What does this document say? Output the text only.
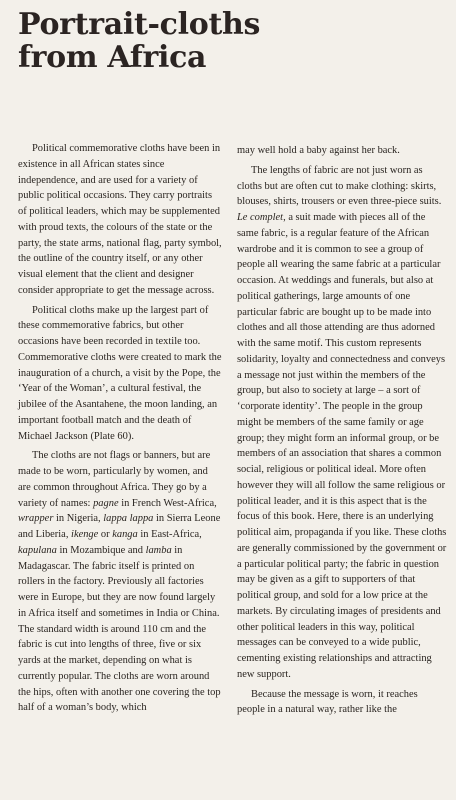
Portrait-cloths
from Africa

Political commemorative cloths have been in existence in all African states since independence, and are used for a variety of public political occasions. They carry portraits of political leaders, which may be supplemented with proud texts, the colours of the state or the party, the state arms, national flag, party symbol, the outline of the country itself, or any other visual element that the client and designer consider appropriate to get the message across.

Political cloths make up the largest part of these commemorative fabrics, but other occasions have been recorded in textile too. Commemorative cloths were created to mark the inauguration of a church, a visit by the Pope, the ‘Year of the Woman’, a cultural festival, the jubilee of the Asantahene, the moon landing, an important football match and the death of Michael Jackson (Plate 60).

The cloths are not flags or banners, but are made to be worn, particularly by women, and are common throughout Africa. They go by a variety of names: pagne in French West-Africa, wrapper in Nigeria, lappa lappa in Sierra Leone and Liberia, ikenge or kanga in East-Africa, kapulana in Mozambique and lamba in Madagascar. The fabric itself is printed on rollers in the factory. Previously all factories were in Europe, but they are now found largely in Africa itself and sometimes in India or China. The standard width is around 110 cm and the fabric is cut into lengths of three, five or six yards at the market, depending on what is currently popular. The cloths are worn around the hips, often with another one covering the top half of a woman’s body, which

may well hold a baby against her back.

The lengths of fabric are not just worn as cloths but are often cut to make clothing: skirts, blouses, shirts, trousers or even three-piece suits. Le complet, a suit made with pieces all of the same fabric, is a regular feature of the African wardrobe and it is common to see a group of people all wearing the same fabric at a particular occasion. At weddings and funerals, but also at political gatherings, large amounts of one particular fabric are bought up to be made into clothes and all those attending are thus adorned with the same motif. This custom represents solidarity, loyalty and connectedness and conveys a message not just within the members of the group, but also to society at large – a sort of ‘corporate identity’. The people in the group might be members of the same family or age group; they might form an informal group, or be members of an association that shares a common social, religious or political ideal. More often however they will all follow the same religious or political leader, and it is this aspect that is the focus of this book. Here, there is an underlying political aim, propaganda if you like. These cloths are generally commissioned by the government or a particular political party; the fabric in question may be given as a gift to supporters of that political group, and sold for a low price at the markets. By circulating images of presidents and other political leaders in this way, political messages can be conveyed to a wide public, cementing existing relationships and attracting new support.

Because the message is worn, it reaches people in a natural way, rather like the
